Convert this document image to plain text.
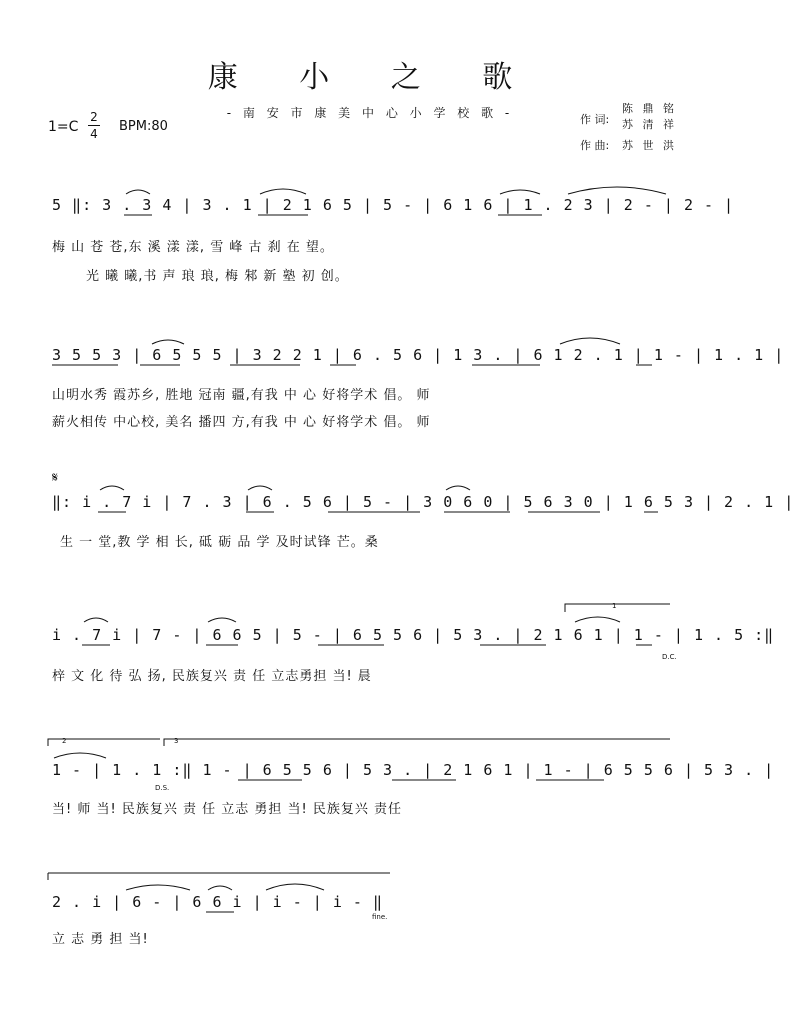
康 小 之 歌
- 南 安 市 康 美 中 心 小 学 校 歌 -
1=C
2
4 BPM:80	作 词:
陈 鼎 铭
苏 清 祥
作 曲: 苏 世 洪
5 ‖: 3 . 3 4 | 3 . 1 | 2 1 6 5 | 5 - | 6 1 6 | 1 . 2 3 | 2 - | 2 - |
梅 山 苍 苍,东 溪 漾 漾, 雪 峰 古 刹 在 望。
光 曦 曦,书 声 琅 琅, 梅 邾 新 塾 初 创。
3 5 5 3 | 6 5 5 5 | 3 2 2 1 | 6 . 5 6 | 1 3 . | 6 1 2 . 1 | 1 - | 1 . 1 |
山明水秀 霞苏乡, 胜地 冠南 疆,有我 中 心 好将学术 倡。 师
薪火相传 中心校, 美名 播四 方,有我 中 心 好将学术 倡。 师
𝄋
‖: i . 7 i | 7 . 3 | 6 . 5 6 | 5 - | 3 0 6 0 | 5 6 3 0 | 1 6 5 3 | 2 . 1 |
生 一 堂,教 学 相 长, 砥 砺 品 学 及时试锋 芒。桑
1
i . 7 i | 7 - | 6 6 5 | 5 - | 6 5 5 6 | 5 3 . | 2 1 6 1 | 1 - | 1 . 5 :‖
梓 文 化 待 弘 扬, 民族复兴 责 任 立志勇担 当! 晨
D.C.
2	3
1 - | 1 . 1 :‖ 1 - | 6 5 5 6 | 5 3 . | 2 1 6 1 | 1 - | 6 5 5 6 | 5 3 . |
D.S.
当! 师 当! 民族复兴 责 任 立志 勇担 当! 民族复兴 责任
2 . i | 6 - | 6 6 i | i - | i - ‖
fine.
立 志 勇 担 当!
